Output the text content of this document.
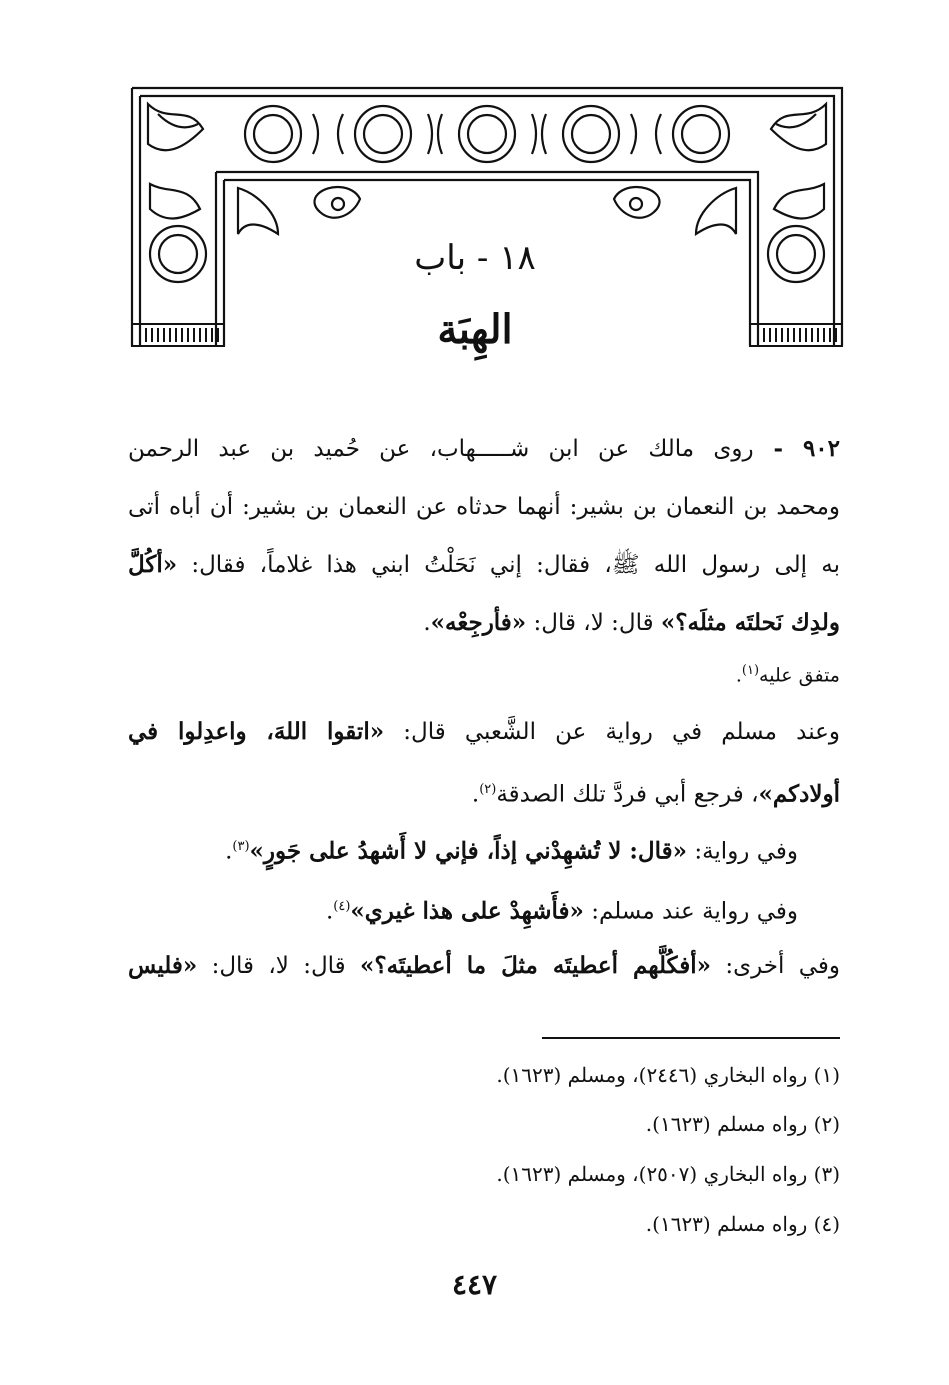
١٨ - باب
الهِبَة
٩٠٢ - روى مالك عن ابن شـــــهاب، عن حُميد بن عبد الرحمن
ومحمد بن النعمان بن بشير: أنهما حدثاه عن النعمان بن بشير: أن أباه أتى
به إلى رسول الله ﷺ، فقال: إني نَحَلْتُ ابني هذا غلاماً، فقال: «أكُلَّ
ولدِك نَحلتَه مثلَه؟» قال: لا، قال: «فأرجِعْه».
متفق عليه$^{(١)}$.
وعند مسلم في رواية عن الشَّعبي قال: «اتقوا اللهَ، واعدِلوا في
أولادكم»، فرجع أبي فردَّ تلك الصدقة$^{(٢)}$.
وفي رواية: «قال: لا تُشهِدْني إذاً، فإني لا أَشهدُ على جَورٍ»$^{(٣)}$.
وفي رواية عند مسلم: «فأَشهِدْ على هذا غيري»$^{(٤)}$.
وفي أخرى: «أفكُلَّهم أعطيتَه مثلَ ما أعطيتَه؟» قال: لا، قال: «فليس
(١) رواه البخاري (٢٤٤٦)، ومسلم (١٦٢٣).
(٢) رواه مسلم (١٦٢٣).
(٣) رواه البخاري (٢٥٠٧)، ومسلم (١٦٢٣).
(٤) رواه مسلم (١٦٢٣).
٤٤٧
